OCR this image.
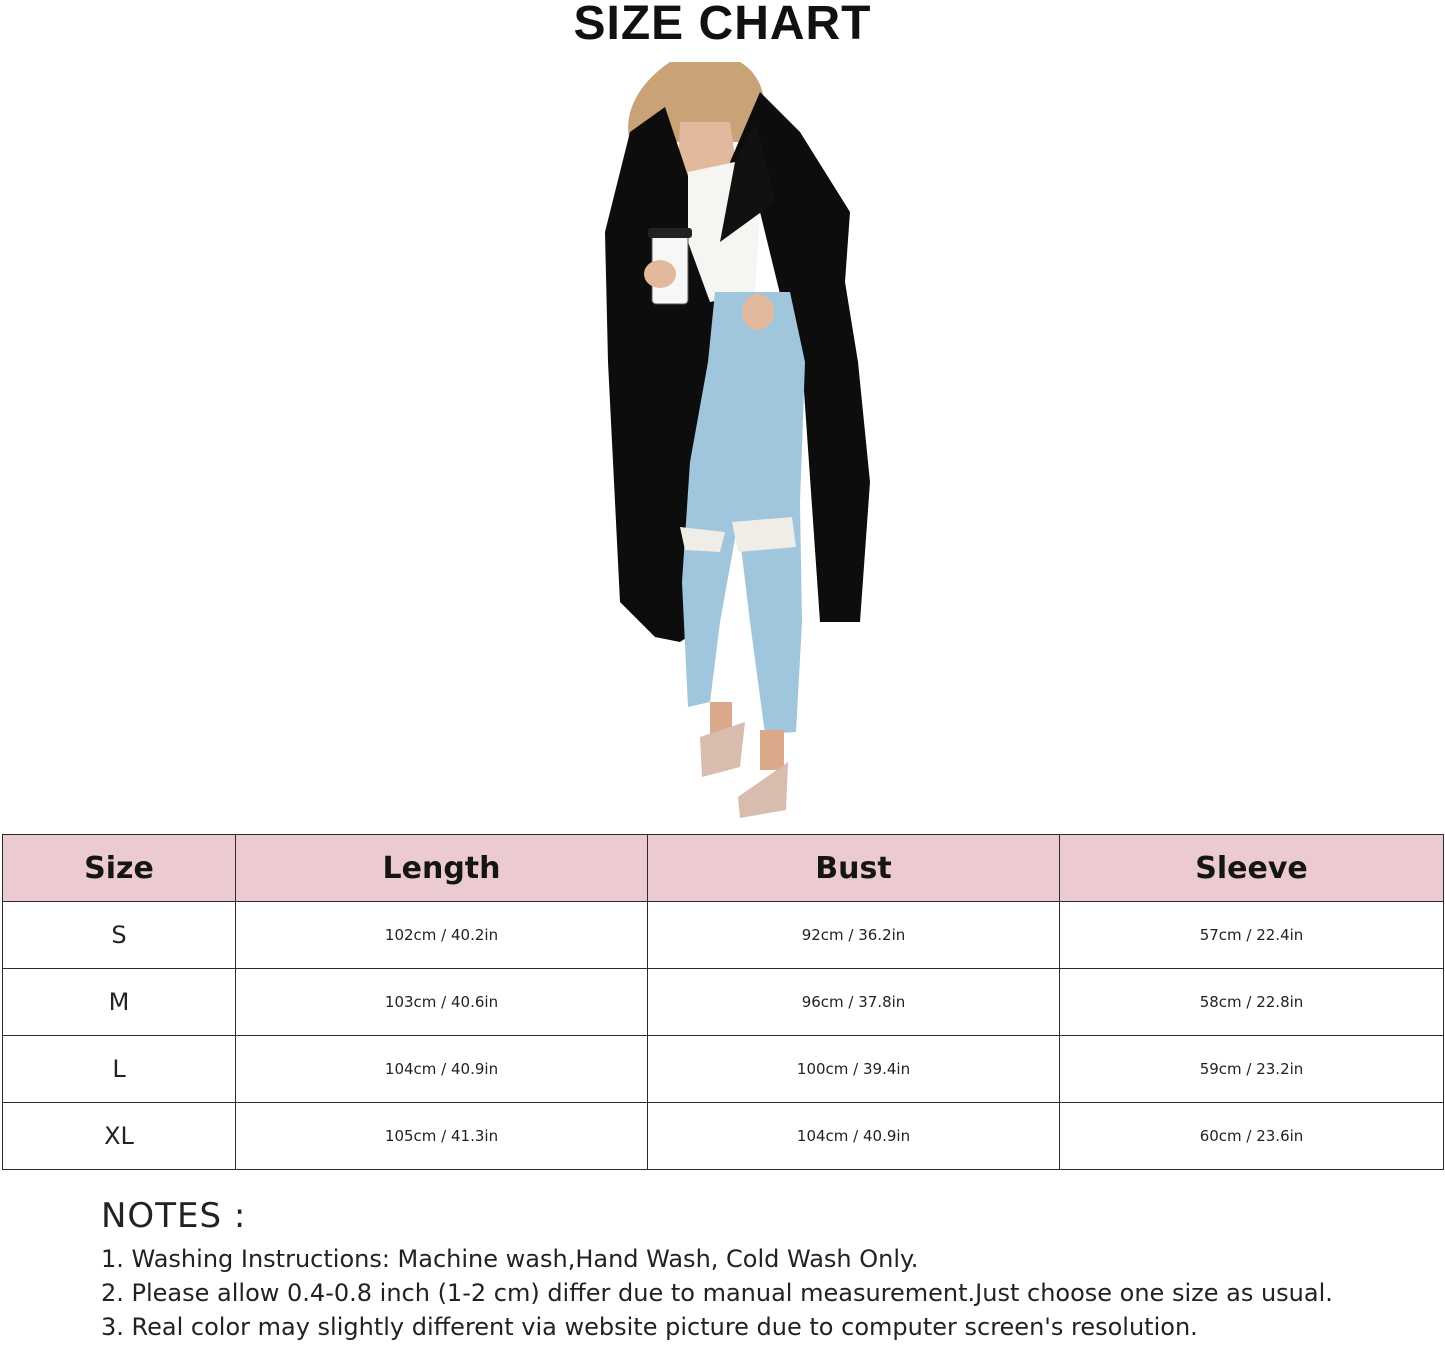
SIZE CHART
Size	Length	Bust	Sleeve
S	102cm / 40.2in	92cm / 36.2in	57cm / 22.4in
M	103cm / 40.6in	96cm / 37.8in	58cm / 22.8in
L	104cm / 40.9in	100cm / 39.4in	59cm / 23.2in
XL	105cm / 41.3in	104cm / 40.9in	60cm / 23.6in

NOTES :

1. Washing Instructions: Machine wash,Hand Wash, Cold Wash Only.

2. Please allow 0.4-0.8 inch (1-2 cm) differ due to manual measurement.Just choose one size as usual.

3. Real color may slightly different via website picture due to computer screen's resolution.
